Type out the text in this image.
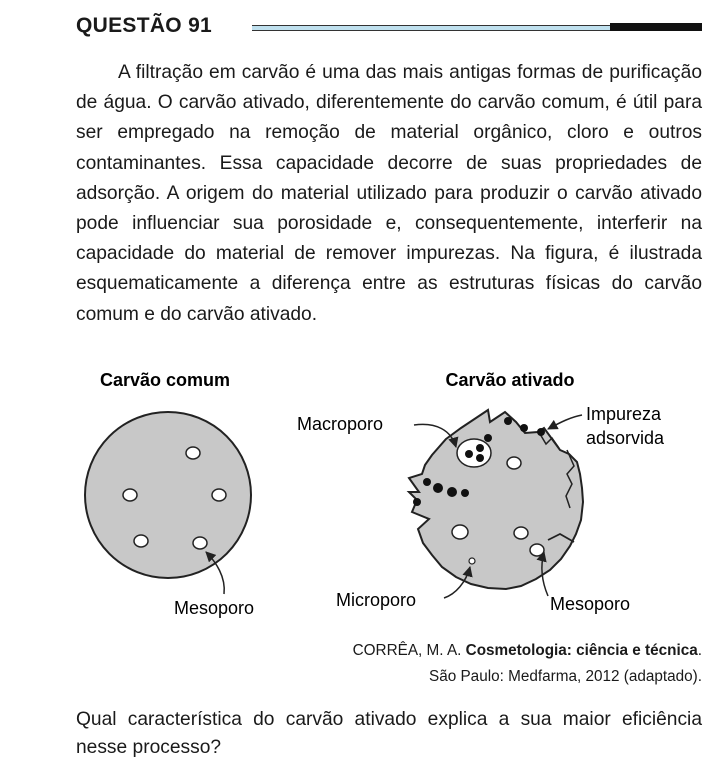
QUESTÃO 91

A filtração em carvão é uma das mais antigas formas de purificação de água. O carvão ativado, diferentemente do carvão comum, é útil para ser empregado na remoção de material orgânico, cloro e outros contaminantes. Essa capacidade decorre de suas propriedades de adsorção. A origem do material utilizado para produzir o carvão ativado pode influenciar sua porosidade e, consequentemente, interferir na capacidade do material de remover impurezas. Na figura, é ilustrada esquematicamente a diferença entre as estruturas físicas do carvão comum e do carvão ativado.

Carvão comum	Carvão ativado
Mesoporo
Macroporo	Impureza
adsorvida
Microporo	Mesoporo
CORRÊA, M. A. Cosmetologia: ciência e técnica.
São Paulo: Medfarma, 2012 (adaptado).

Qual característica do carvão ativado explica a sua maior eficiência nesse processo?
